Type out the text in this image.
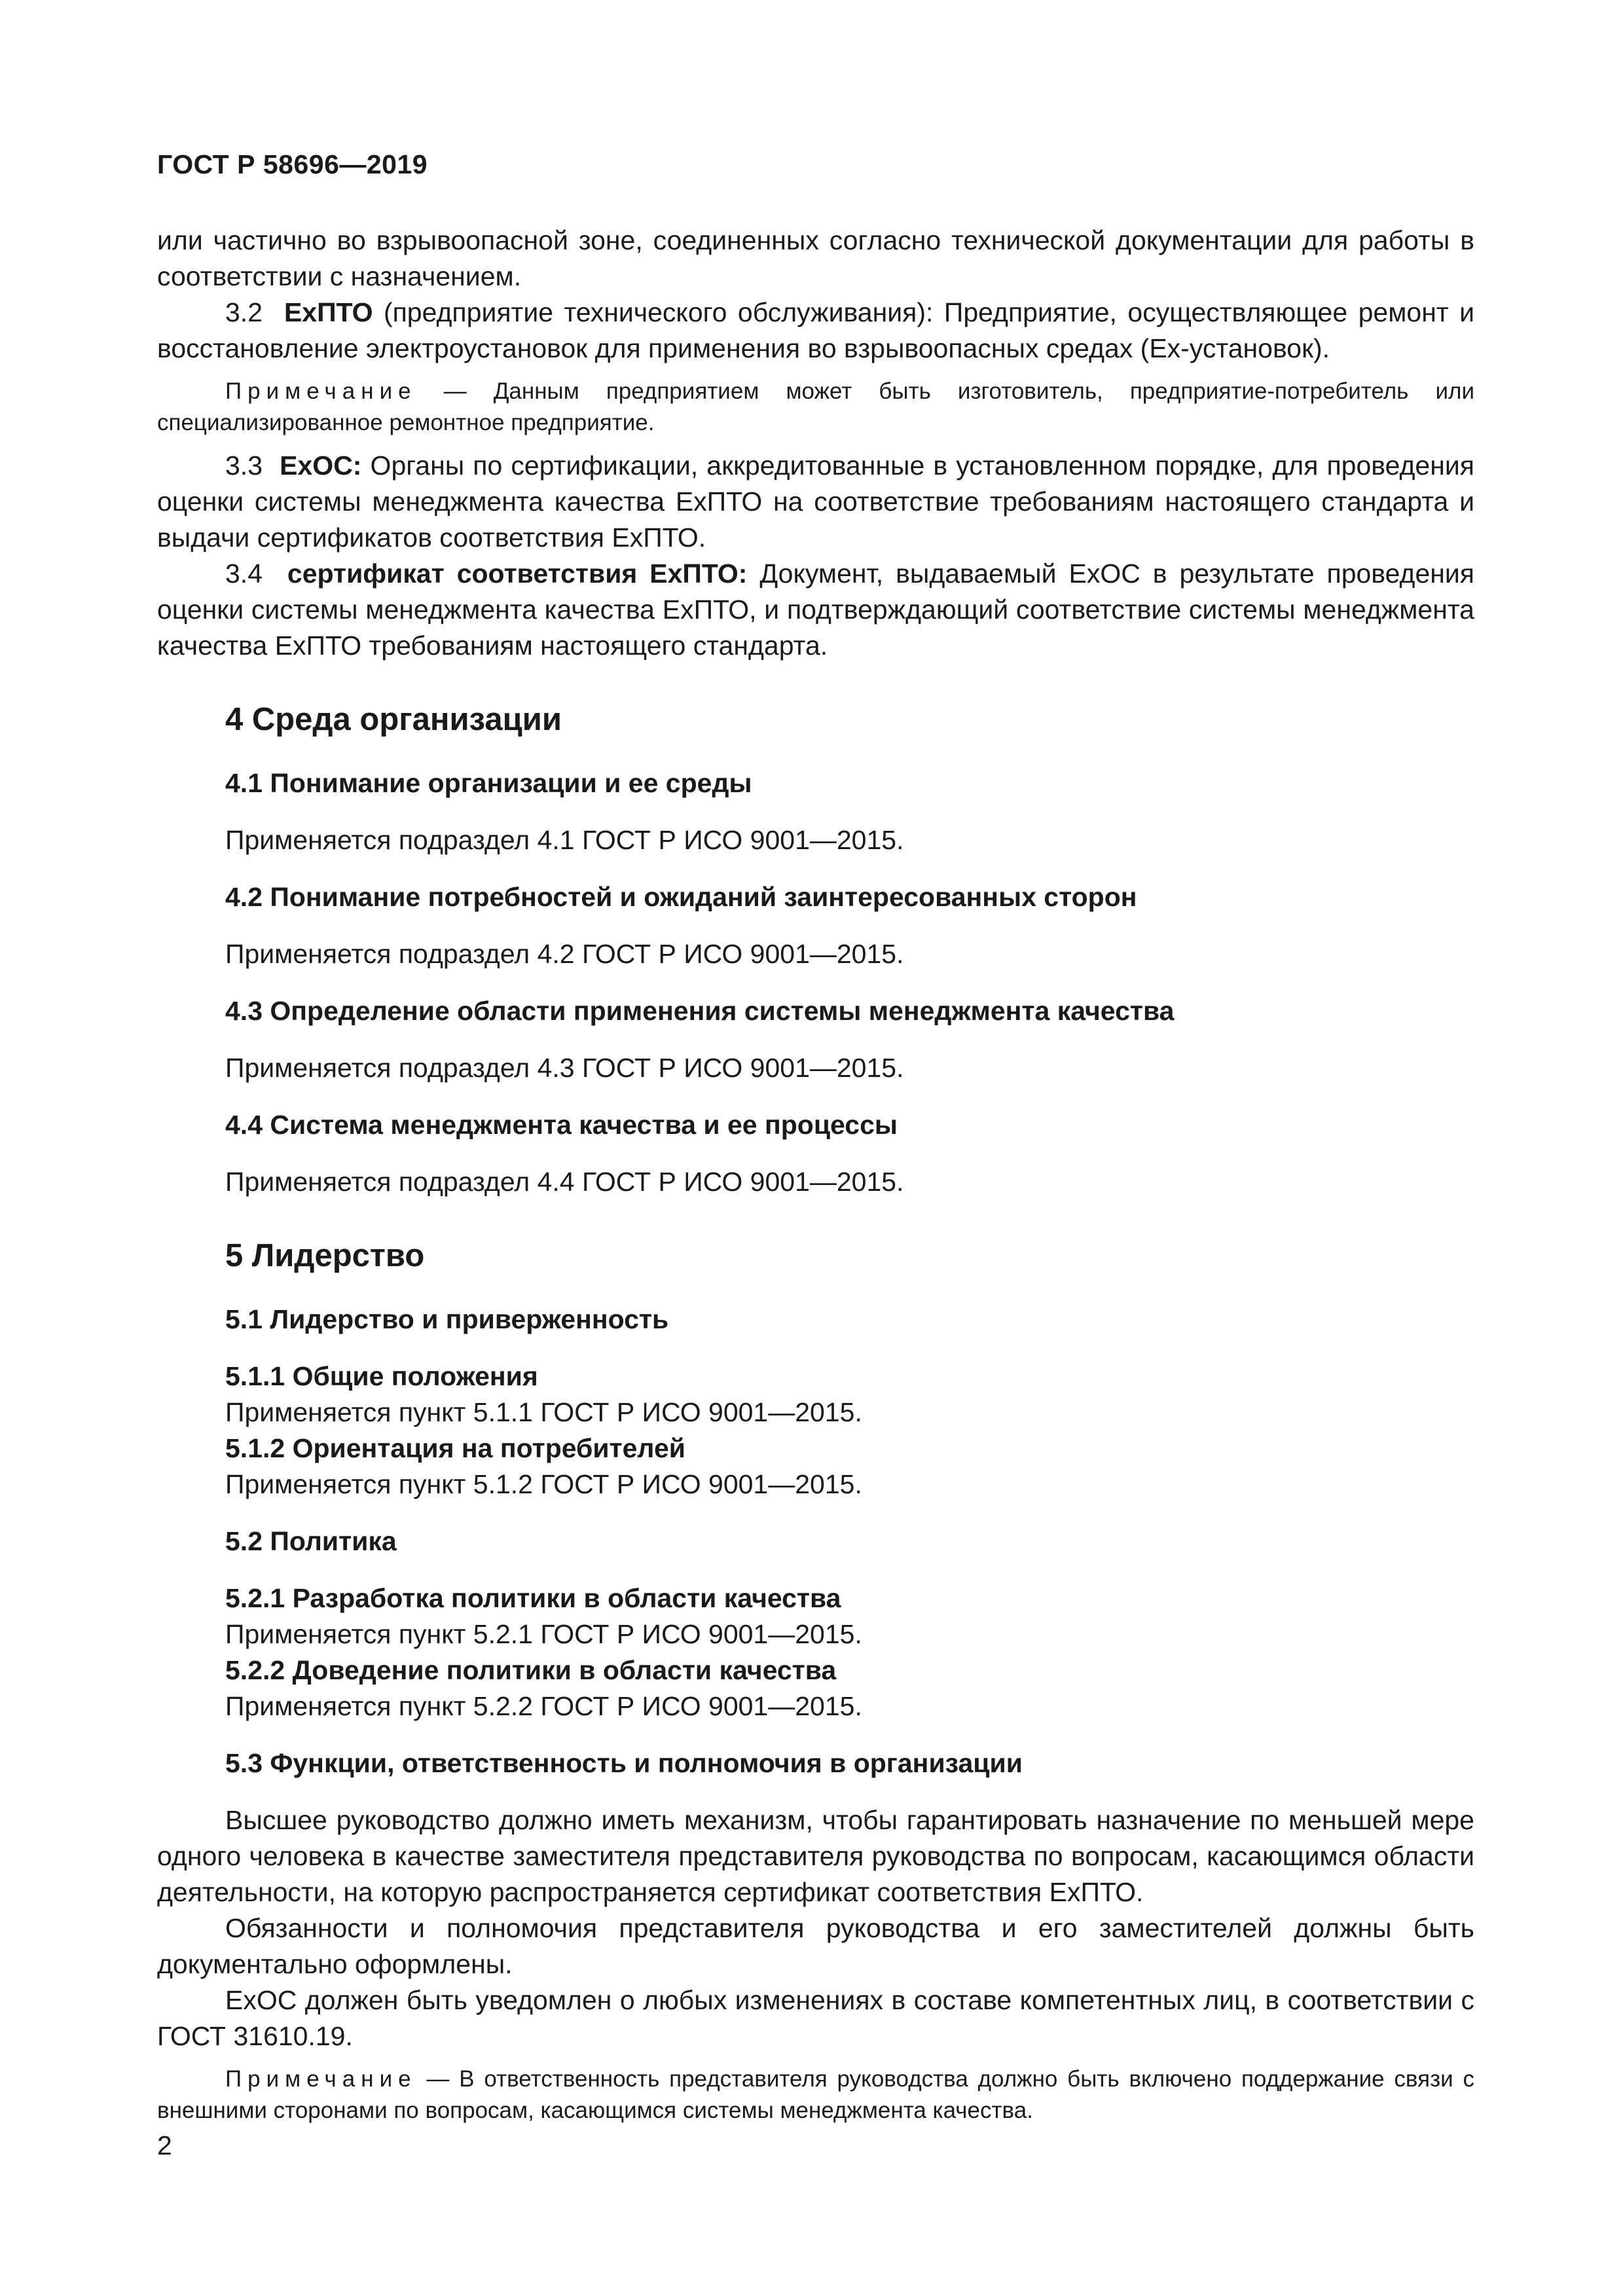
ГОСТ Р 58696—2019

или частично во взрывоопасной зоне, соединенных согласно технической документации для работы в соответствии с назначением.

3.2 ЕхПТО (предприятие технического обслуживания): Предприятие, осуществляющее ремонт и восстановление электроустановок для применения во взрывоопасных средах (Ех-установок).

Примечание — Данным предприятием может быть изготовитель, предприятие-потребитель или специализированное ремонтное предприятие.

3.3 ЕхОС: Органы по сертификации, аккредитованные в установленном порядке, для проведения оценки системы менеджмента качества ЕхПТО на соответствие требованиям настоящего стандарта и выдачи сертификатов соответствия ЕхПТО.

3.4 сертификат соответствия ЕхПТО: Документ, выдаваемый ЕхОС в результате проведения оценки системы менеджмента качества ЕхПТО, и подтверждающий соответствие системы менеджмента качества ЕхПТО требованиям настоящего стандарта.

4 Среда организации

4.1 Понимание организации и ее среды

Применяется подраздел 4.1 ГОСТ Р ИСО 9001—2015.

4.2 Понимание потребностей и ожиданий заинтересованных сторон

Применяется подраздел 4.2 ГОСТ Р ИСО 9001—2015.

4.3 Определение области применения системы менеджмента качества

Применяется подраздел 4.3 ГОСТ Р ИСО 9001—2015.

4.4 Система менеджмента качества и ее процессы

Применяется подраздел 4.4 ГОСТ Р ИСО 9001—2015.

5 Лидерство

5.1 Лидерство и приверженность

5.1.1 Общие положения

Применяется пункт 5.1.1 ГОСТ Р ИСО 9001—2015.

5.1.2 Ориентация на потребителей

Применяется пункт 5.1.2 ГОСТ Р ИСО 9001—2015.

5.2 Политика

5.2.1 Разработка политики в области качества

Применяется пункт 5.2.1 ГОСТ Р ИСО 9001—2015.

5.2.2 Доведение политики в области качества

Применяется пункт 5.2.2 ГОСТ Р ИСО 9001—2015.

5.3 Функции, ответственность и полномочия в организации

Высшее руководство должно иметь механизм, чтобы гарантировать назначение по меньшей мере одного человека в качестве заместителя представителя руководства по вопросам, касающимся области деятельности, на которую распространяется сертификат соответствия ЕхПТО.

Обязанности и полномочия представителя руководства и его заместителей должны быть документально оформлены.

ЕхОС должен быть уведомлен о любых изменениях в составе компетентных лиц, в соответствии с ГОСТ 31610.19.

Примечание — В ответственность представителя руководства должно быть включено поддержание связи с внешними сторонами по вопросам, касающимся системы менеджмента качества.

2
